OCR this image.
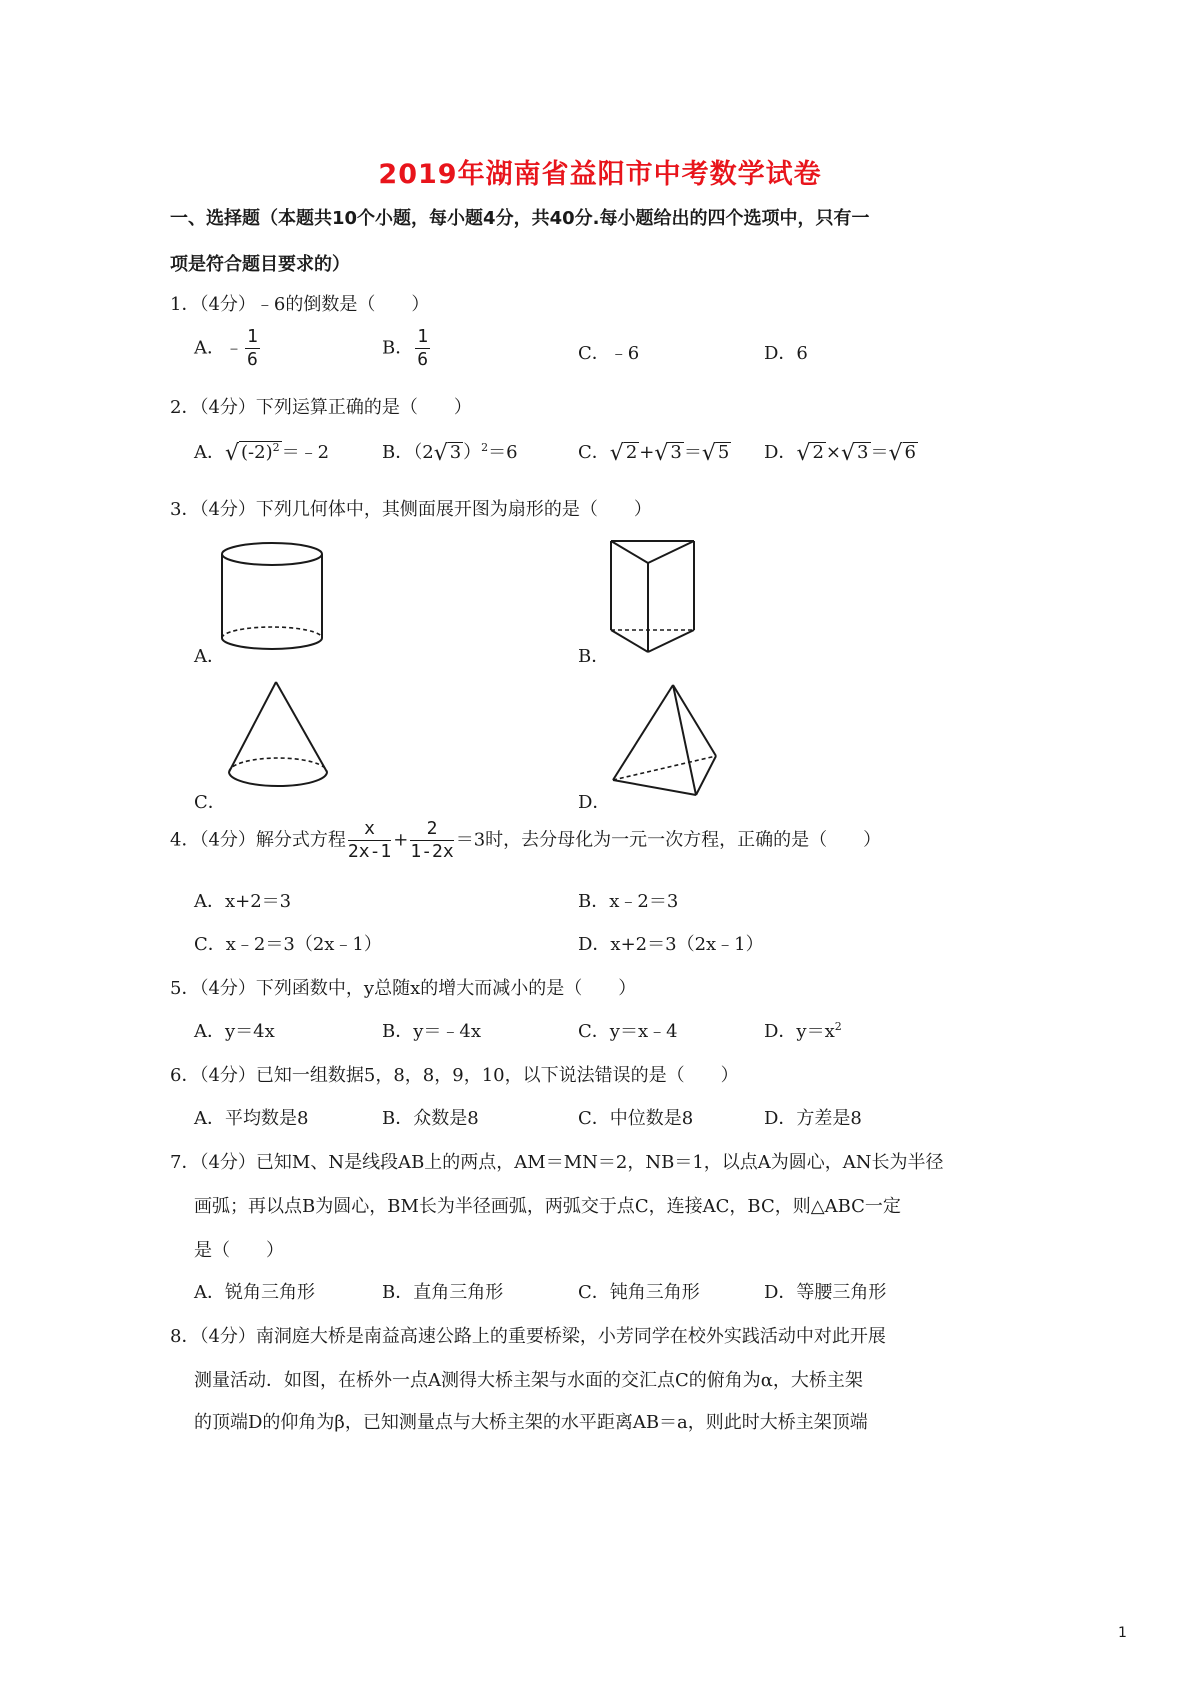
2019年湖南省益阳市中考数学试卷
一、选择题（本题共10个小题，每小题4分，共40分.每小题给出的四个选项中，只有一
项是符合题目要求的）
1．（4分）﹣6的倒数是（　　）
A．﹣ $\frac{1}{6}$	B． $\frac{1}{6}$	C．﹣6	D．6
2．（4分）下列运算正确的是（　　）
A．√ $(-2)^2$ ＝﹣2	B．（2√ 3 ）$^2$＝6	C．√ 2 +√ 3 ＝√ 5 D．√ 2 ×√ 3 ＝√ 6
3．（4分）下列几何体中，其侧面展开图为扇形的是（　　）
A．	B．
C．	D．
4．（4分）解分式方程 $\frac{x}{2x-1} + \frac{2}{1-2x} =3$时，去分母化为一元一次方程，正确的是（　　）
A．x+2＝3	B．x﹣2＝3
C．x﹣2＝3（2x﹣1）	D．x+2＝3（2x﹣1）
5．（4分）下列函数中，y总随x的增大而减小的是（　　）
A．y＝4x	B．y＝﹣4x	C．y＝x﹣4	D．$y=x^2$
6．（4分）已知一组数据5，8，8，9，10，以下说法错误的是（　　）
A．平均数是8	B．众数是8	C．中位数是8	D．方差是8
7．（4分）已知M、N是线段AB上的两点，AM＝MN＝2，NB＝1，以点A为圆心，AN长为半径
画弧；再以点B为圆心，BM长为半径画弧，两弧交于点C，连接AC，BC，则△ABC一定
是（　　）
A．锐角三角形	B．直角三角形	C．钝角三角形	D．等腰三角形
8．（4分）南洞庭大桥是南益高速公路上的重要桥梁，小芳同学在校外实践活动中对此开展
测量活动．如图，在桥外一点A测得大桥主架与水面的交汇点C的俯角为α，大桥主架
的顶端D的仰角为β，已知测量点与大桥主架的水平距离AB＝a，则此时大桥主架顶端
1
